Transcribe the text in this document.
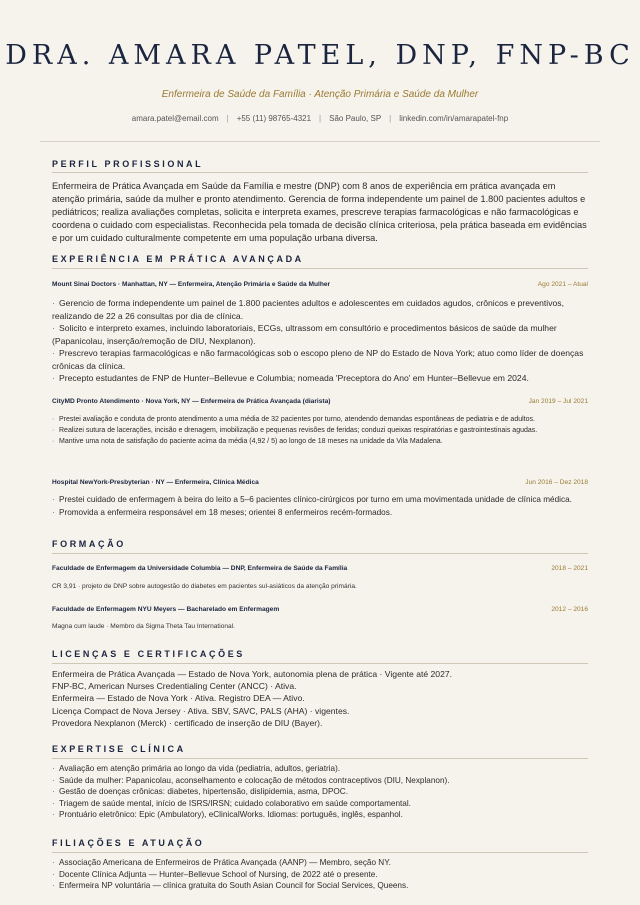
DRA. AMARA PATEL, DNP, FNP-BC
Enfermeira de Saúde da Família · Atenção Primária e Saúde da Mulher
amara.patel@email.com | +55 (11) 98765-4321 | São Paulo, SP | linkedin.com/in/amarapatel-fnp
PERFIL PROFISSIONAL
Enfermeira de Prática Avançada em Saúde da Família e mestre (DNP) com 8 anos de experiência em prática avançada em atenção primária, saúde da mulher e pronto atendimento. Gerencia de forma independente um painel de 1.800 pacientes adultos e pediátricos; realiza avaliações completas, solicita e interpreta exames, prescreve terapias farmacológicas e não farmacológicas e coordena o cuidado com especialistas. Reconhecida pela tomada de decisão clínica criteriosa, pela prática baseada em evidências e por um cuidado culturalmente competente em uma população urbana diversa.
EXPERIÊNCIA EM PRÁTICA AVANÇADA
Mount Sinai Doctors · Manhattan, NY — Enfermeira, Atenção Primária e Saúde da Mulher	Ago 2021 – Atual
· Gerencio de forma independente um painel de 1.800 pacientes adultos e adolescentes em cuidados agudos, crônicos e preventivos, realizando de 22 a 26 consultas por dia de clínica.
· Solicito e interpreto exames, incluindo laboratoriais, ECGs, ultrassom em consultório e procedimentos básicos de saúde da mulher (Papanicolau, inserção/remoção de DIU, Nexplanon).
· Prescrevo terapias farmacológicas e não farmacológicas sob o escopo pleno de NP do Estado de Nova York; atuo como líder de doenças crônicas da clínica.
· Precepto estudantes de FNP de Hunter–Bellevue e Columbia; nomeada 'Preceptora do Ano' em Hunter–Bellevue em 2024.
CityMD Pronto Atendimento · Nova York, NY — Enfermeira de Prática Avançada (diarista)	Jan 2019 – Jul 2021
· Prestei avaliação e conduta de pronto atendimento a uma média de 32 pacientes por turno, atendendo demandas espontâneas de pediatria e de adultos.
· Realizei sutura de lacerações, incisão e drenagem, imobilização e pequenas revisões de feridas; conduzi queixas respiratórias e gastrointestinais agudas.
· Mantive uma nota de satisfação do paciente acima da média (4,92 / 5) ao longo de 18 meses na unidade da Vila Madalena.
Hospital NewYork-Presbyterian · NY — Enfermeira, Clínica Médica	Jun 2016 – Dez 2018
· Prestei cuidado de enfermagem à beira do leito a 5–6 pacientes clínico-cirúrgicos por turno em uma movimentada unidade de clínica médica.
· Promovida a enfermeira responsável em 18 meses; orientei 8 enfermeiros recém-formados.
FORMAÇÃO
Faculdade de Enfermagem da Universidade Columbia — DNP, Enfermeira de Saúde da Família	2018 – 2021
CR 3,91 · projeto de DNP sobre autogestão do diabetes em pacientes sul-asiáticos da atenção primária.
Faculdade de Enfermagem NYU Meyers — Bacharelado em Enfermagem	2012 – 2016
Magna cum laude · Membro da Sigma Theta Tau International.
LICENÇAS E CERTIFICAÇÕES
Enfermeira de Prática Avançada — Estado de Nova York, autonomia plena de prática · Vigente até 2027.
FNP-BC, American Nurses Credentialing Center (ANCC) · Ativa.
Enfermeira — Estado de Nova York · Ativa. Registro DEA — Ativo.
Licença Compact de Nova Jersey · Ativa. SBV, SAVC, PALS (AHA) · vigentes.
Provedora Nexplanon (Merck) · certificado de inserção de DIU (Bayer).
EXPERTISE CLÍNICA
· Avaliação em atenção primária ao longo da vida (pediatria, adultos, geriatria).
· Saúde da mulher: Papanicolau, aconselhamento e colocação de métodos contraceptivos (DIU, Nexplanon).
· Gestão de doenças crônicas: diabetes, hipertensão, dislipidemia, asma, DPOC.
· Triagem de saúde mental, início de ISRS/IRSN; cuidado colaborativo em saúde comportamental.
· Prontuário eletrônico: Epic (Ambulatory), eClinicalWorks. Idiomas: português, inglês, espanhol.
FILIAÇÕES E ATUAÇÃO
· Associação Americana de Enfermeiros de Prática Avançada (AANP) — Membro, seção NY.
· Docente Clínica Adjunta — Hunter–Bellevue School of Nursing, de 2022 até o presente.
· Enfermeira NP voluntária — clínica gratuita do South Asian Council for Social Services, Queens.
